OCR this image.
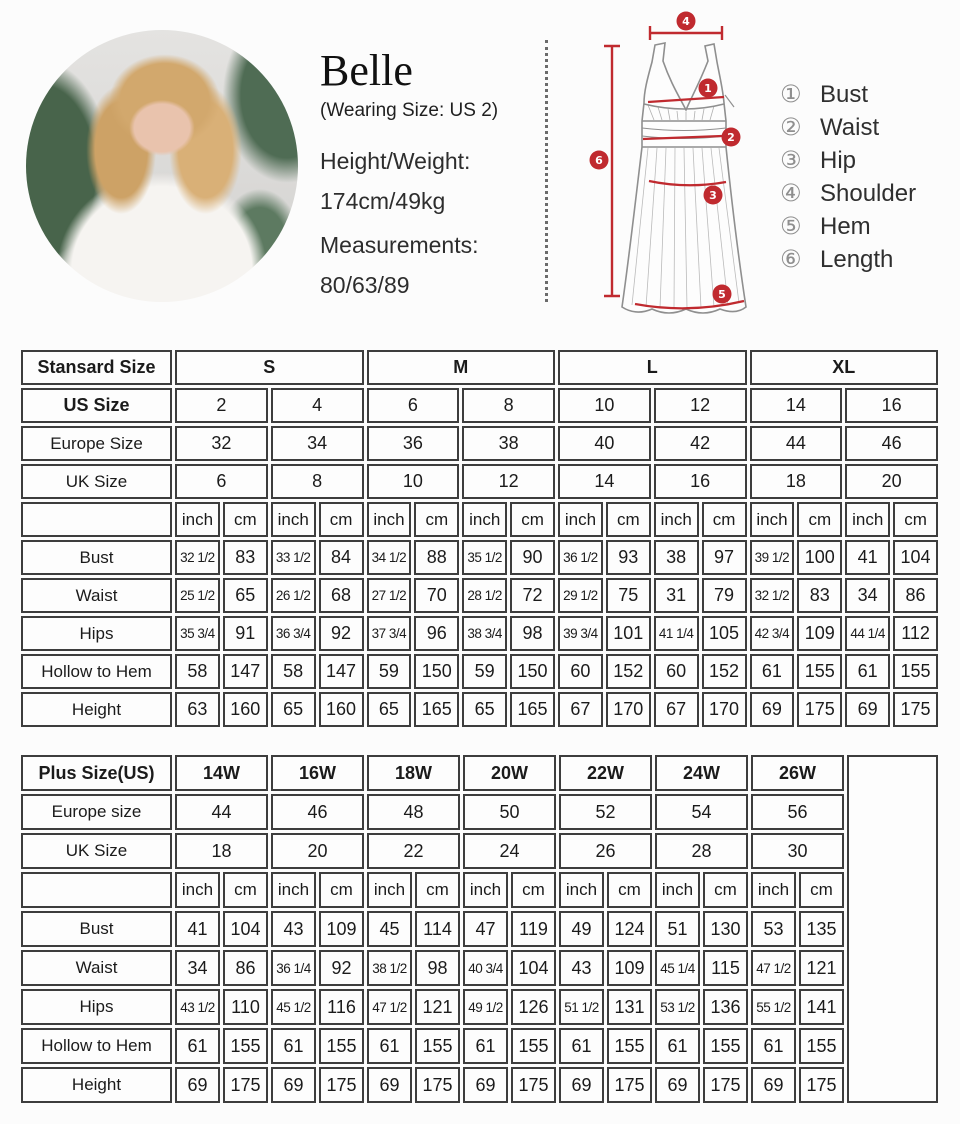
Belle
(Wearing Size: US 2)
Height/Weight:
174cm/49kg
Measurements:
80/63/89
1
2
3
4
5
6
① Bust
② Waist
③ Hip
④ Shoulder
⑤ Hem
⑥ Length
Stansard Size	S				M				L				XL			
US Size	2		4		6		8		10		12		14		16	
Europe Size	32		34		36		38		40		42		44		46	
UK Size	6		8		10		12		14		16		18		20	
	inch	cm	inch	cm	inch	cm	inch	cm	inch	cm	inch	cm	inch	cm	inch	cm
Bust	32 1/2	83	33 1/2	84	34 1/2	88	35 1/2	90	36 1/2	93	38	97	39 1/2	100	41	104
Waist	25 1/2	65	26 1/2	68	27 1/2	70	28 1/2	72	29 1/2	75	31	79	32 1/2	83	34	86
Hips	35 3/4	91	36 3/4	92	37 3/4	96	38 3/4	98	39 3/4	101	41 1/4	105	42 3/4	109	44 1/4	112
Hollow to Hem	58	147	58	147	59	150	59	150	60	152	60	152	61	155	61	155
Height	63	160	65	160	65	165	65	165	67	170	67	170	69	175	69	175
Plus Size(US)	14W		16W		18W		20W		22W		24W		26W		
Europe size	44		46		48		50		52		54		56		
UK Size	18		20		22		24		26		28		30		
	inch	cm	inch	cm	inch	cm	inch	cm	inch	cm	inch	cm	inch	cm	
Bust	41	104	43	109	45	114	47	119	49	124	51	130	53	135	
Waist	34	86	36 1/4	92	38 1/2	98	40 3/4	104	43	109	45 1/4	115	47 1/2	121	
Hips	43 1/2	110	45 1/2	116	47 1/2	121	49 1/2	126	51 1/2	131	53 1/2	136	55 1/2	141	
Hollow to Hem	61	155	61	155	61	155	61	155	61	155	61	155	61	155	
Height	69	175	69	175	69	175	69	175	69	175	69	175	69	175	
